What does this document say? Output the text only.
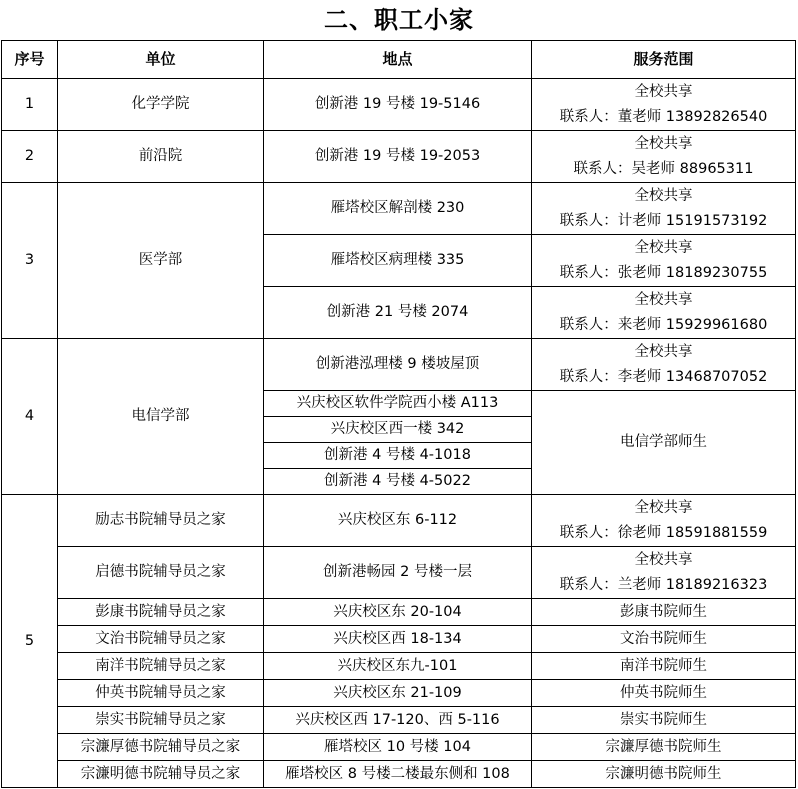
二、职工小家
序号	单位	地点	服务范围
1	化学学院	创新港 19 号楼 19-5146	全校共享
联系人：董老师 13892826540

2	前沿院	创新港 19 号楼 19-2053	全校共享
联系人：吴老师 88965311

3	医学部	雁塔校区解剖楼 230	全校共享
联系人：计老师 15191573192

		雁塔校区病理楼 335	全校共享
联系人：张老师 18189230755

		创新港 21 号楼 2074	全校共享
联系人：来老师 15929961680

4	电信学部	创新港泓理楼 9 楼坡屋顶	全校共享
联系人：李老师 13468707052

		兴庆校区软件学院西小楼 A113	电信学部师生
		兴庆校区西一楼 342	
		创新港 4 号楼 4-1018	
		创新港 4 号楼 4-5022	
5	励志书院辅导员之家	兴庆校区东 6-112	全校共享
联系人：徐老师 18591881559

	启德书院辅导员之家	创新港畅园 2 号楼一层	全校共享
联系人：兰老师 18189216323

	彭康书院辅导员之家	兴庆校区东 20-104	彭康书院师生
	文治书院辅导员之家	兴庆校区西 18-134	文治书院师生
	南洋书院辅导员之家	兴庆校区东九-101	南洋书院师生
	仲英书院辅导员之家	兴庆校区东 21-109	仲英书院师生
	崇实书院辅导员之家	兴庆校区西 17-120、西 5-116	崇实书院师生
	宗濂厚德书院辅导员之家	雁塔校区 10 号楼 104	宗濂厚德书院师生
	宗濂明德书院辅导员之家	雁塔校区 8 号楼二楼最东侧和 108	宗濂明德书院师生
